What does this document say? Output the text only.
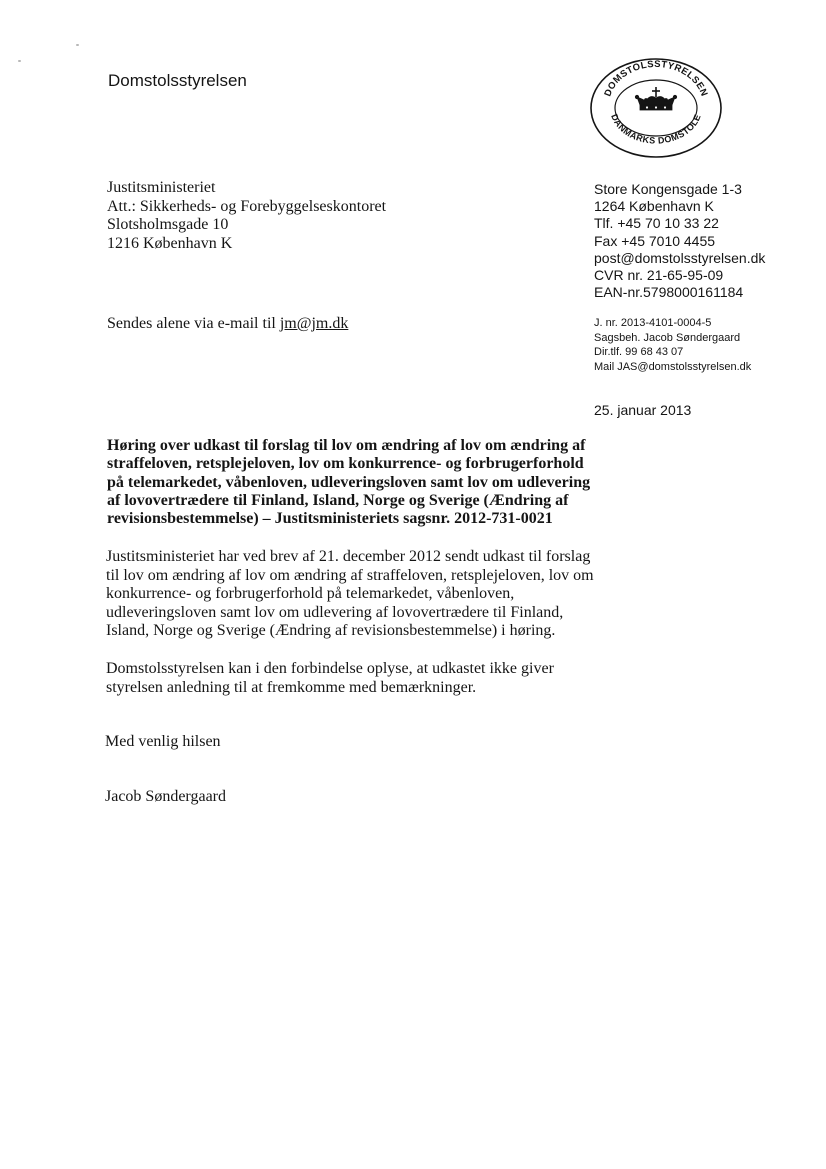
Domstolsstyrelsen
DOMSTOLSSTYRELSEN
DANMARKS DOMSTOLE
Justitsministeriet
Att.: Sikkerheds- og Forebyggelseskontoret
Slotsholmsgade 10
1216 København K
Store Kongensgade 1-3
1264 København K
Tlf. +45 70 10 33 22
Fax +45 7010 4455
post@domstolsstyrelsen.dk
CVR nr. 21-65-95-09
EAN-nr.5798000161184
Sendes alene via e-mail til jm@jm.dk	J. nr. 2013-4101-0004-5
Sagsbeh. Jacob Søndergaard
Dir.tlf. 99 68 43 07
Mail JAS@domstolsstyrelsen.dk
25. januar 2013
Høring over udkast til forslag til lov om ændring af lov om ændring af
straffeloven, retsplejeloven, lov om konkurrence- og forbrugerforhold
på telemarkedet, våbenloven, udleveringsloven samt lov om udlevering
af lovovertrædere til Finland, Island, Norge og Sverige (Ændring af
revisionsbestemmelse) – Justitsministeriets sagsnr. 2012-731-0021
Justitsministeriet har ved brev af 21. december 2012 sendt udkast til forslag
til lov om ændring af lov om ændring af straffeloven, retsplejeloven, lov om
konkurrence- og forbrugerforhold på telemarkedet, våbenloven,
udleveringsloven samt lov om udlevering af lovovertrædere til Finland,
Island, Norge og Sverige (Ændring af revisionsbestemmelse) i høring.
Domstolsstyrelsen kan i den forbindelse oplyse, at udkastet ikke giver
styrelsen anledning til at fremkomme med bemærkninger.
Med venlig hilsen
Jacob Søndergaard
